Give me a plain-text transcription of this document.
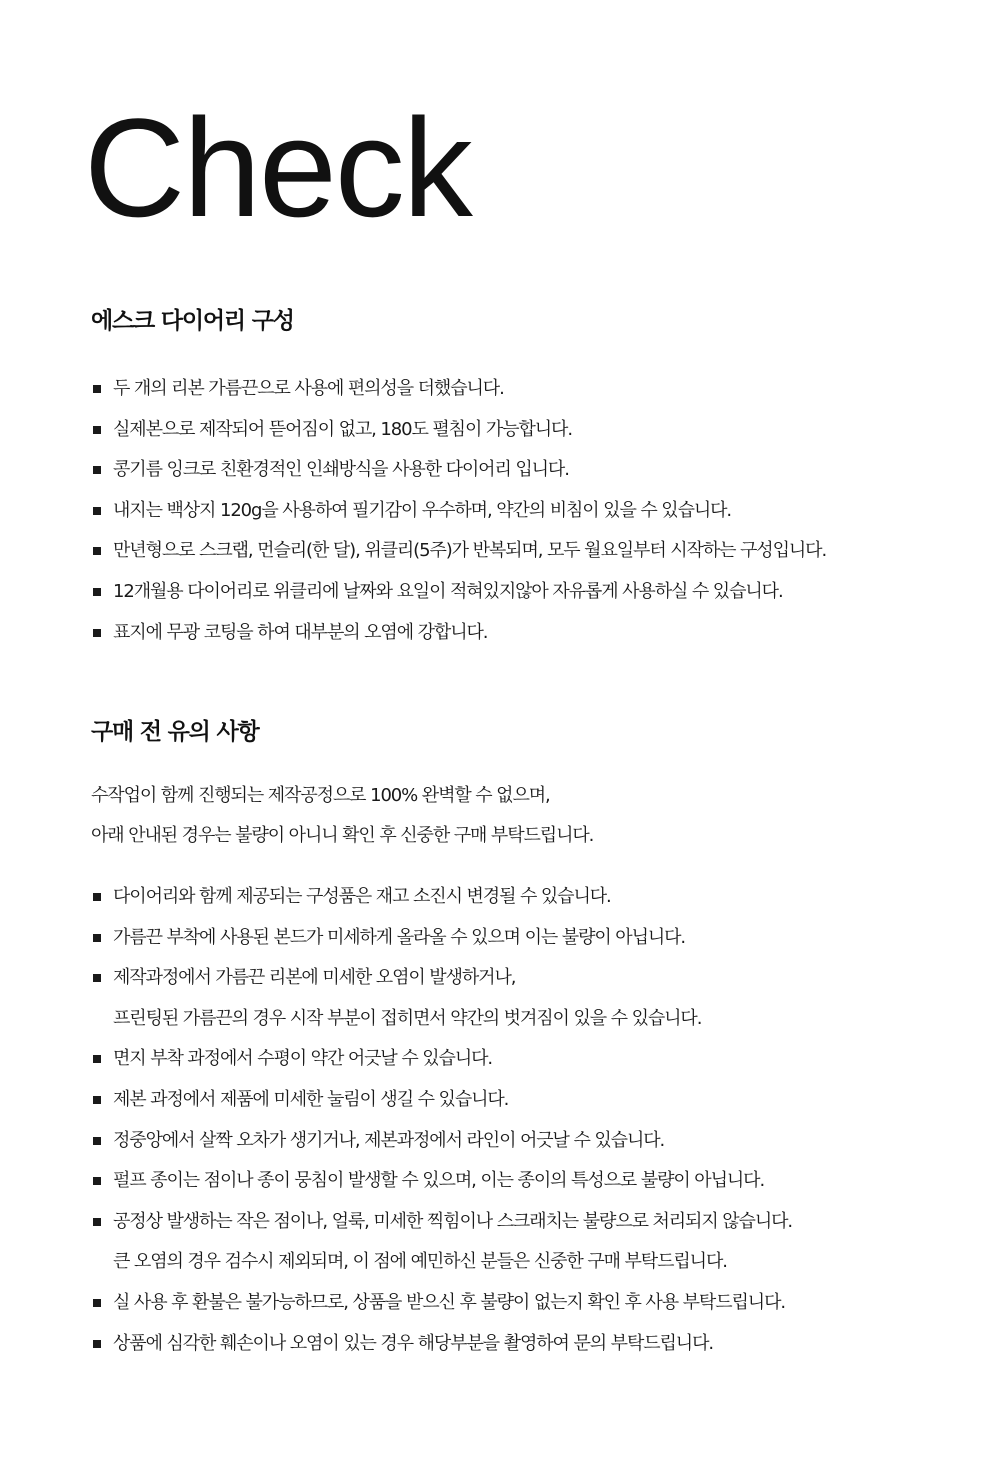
Check
에스크 다이어리 구성
두 개의 리본 가름끈으로 사용에 편의성을 더했습니다.
실제본으로 제작되어 뜯어짐이 없고, 180도 펼침이 가능합니다.
콩기름 잉크로 친환경적인 인쇄방식을 사용한 다이어리 입니다.
내지는 백상지 120g을 사용하여 필기감이 우수하며, 약간의 비침이 있을 수 있습니다.
만년형으로 스크랩, 먼슬리(한 달), 위클리(5주)가 반복되며, 모두 월요일부터 시작하는 구성입니다.
12개월용 다이어리로 위클리에 날짜와 요일이 적혀있지않아 자유롭게 사용하실 수 있습니다.
표지에 무광 코팅을 하여 대부분의 오염에 강합니다.
구매 전 유의 사항
수작업이 함께 진행되는 제작공정으로 100% 완벽할 수 없으며,
아래 안내된 경우는 불량이 아니니 확인 후 신중한 구매 부탁드립니다.
다이어리와 함께 제공되는 구성품은 재고 소진시 변경될 수 있습니다.
가름끈 부착에 사용된 본드가 미세하게 올라올 수 있으며 이는 불량이 아닙니다.
제작과정에서 가름끈 리본에 미세한 오염이 발생하거나,
프린팅된 가름끈의 경우 시작 부분이 접히면서 약간의 벗겨짐이 있을 수 있습니다.
면지 부착 과정에서 수평이 약간 어긋날 수 있습니다.
제본 과정에서 제품에 미세한 눌림이 생길 수 있습니다.
정중앙에서 살짝 오차가 생기거나, 제본과정에서 라인이 어긋날 수 있습니다.
펄프 종이는 점이나 종이 뭉침이 발생할 수 있으며, 이는 종이의 특성으로 불량이 아닙니다.
공정상 발생하는 작은 점이나, 얼룩, 미세한 찍힘이나 스크래치는 불량으로 처리되지 않습니다.
큰 오염의 경우 검수시 제외되며, 이 점에 예민하신 분들은 신중한 구매 부탁드립니다.
실 사용 후 환불은 불가능하므로, 상품을 받으신 후 불량이 없는지 확인 후 사용 부탁드립니다.
상품에 심각한 훼손이나 오염이 있는 경우 해당부분을 촬영하여 문의 부탁드립니다.
